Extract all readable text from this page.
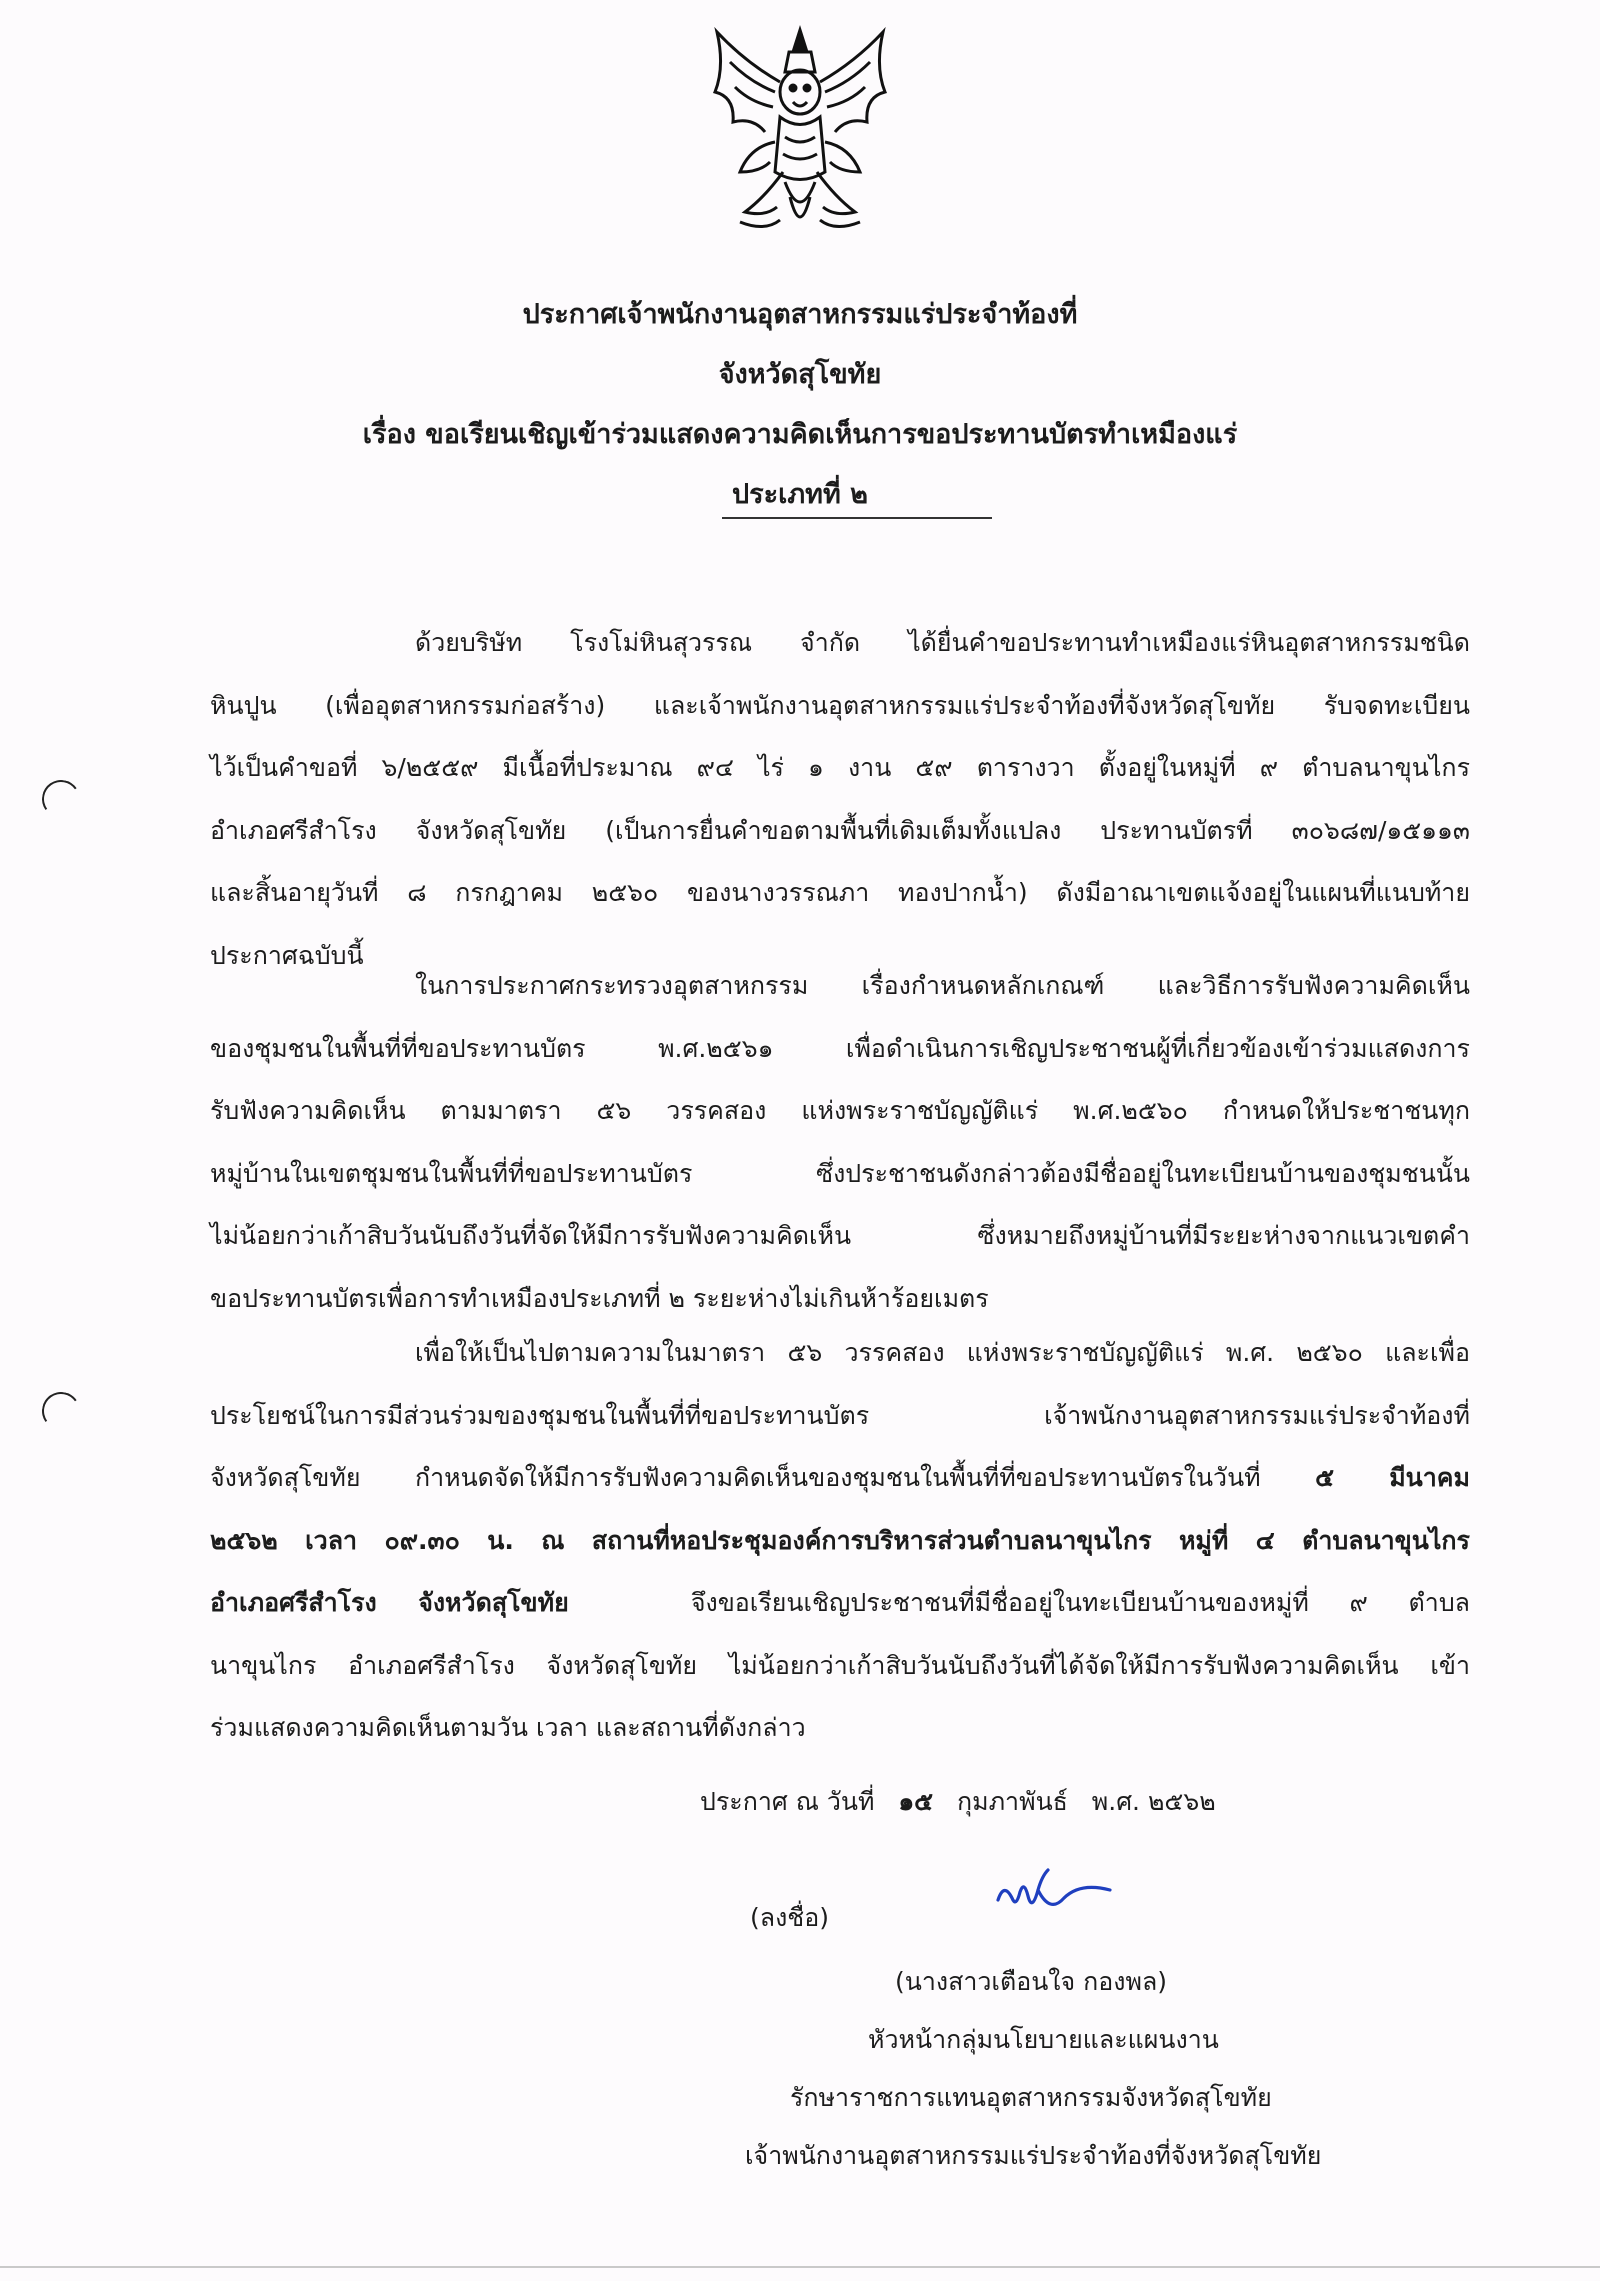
ประกาศเจ้าพนักงานอุตสาหกรรมแร่ประจำท้องที่
จังหวัดสุโขทัย
เรื่อง ขอเรียนเชิญเข้าร่วมแสดงความคิดเห็นการขอประทานบัตรทำเหมืองแร่
ประเภทที่ ๒
ด้วยบริษัท โรงโม่หินสุวรรณ จำกัด ได้ยื่นคำขอประทานทำเหมืองแร่หินอุตสาหกรรมชนิด
หินปูน (เพื่ออุตสาหกรรมก่อสร้าง) และเจ้าพนักงานอุตสาหกรรมแร่ประจำท้องที่จังหวัดสุโขทัย รับจดทะเบียน
ไว้เป็นคำขอที่ ๖/๒๕๕๙ มีเนื้อที่ประมาณ ๙๔ ไร่ ๑ งาน ๕๙ ตารางวา ตั้งอยู่ในหมู่ที่ ๙ ตำบลนาขุนไกร
อำเภอศรีสำโรง จังหวัดสุโขทัย (เป็นการยื่นคำขอตามพื้นที่เดิมเต็มทั้งแปลง ประทานบัตรที่ ๓๐๖๘๗/๑๕๑๑๓
และสิ้นอายุวันที่ ๘ กรกฎาคม ๒๕๖๐ ของนางวรรณภา ทองปากน้ำ) ดังมีอาณาเขตแจ้งอยู่ในแผนที่แนบท้าย
ประกาศฉบับนี้
ในการประกาศกระทรวงอุตสาหกรรม เรื่องกำหนดหลักเกณฑ์ และวิธีการรับฟังความคิดเห็น
ของชุมชนในพื้นที่ที่ขอประทานบัตร พ.ศ.๒๕๖๑ เพื่อดำเนินการเชิญประชาชนผู้ที่เกี่ยวข้องเข้าร่วมแสดงการ
รับฟังความคิดเห็น ตามมาตรา ๕๖ วรรคสอง แห่งพระราชบัญญัติแร่ พ.ศ.๒๕๖๐ กำหนดให้ประชาชนทุก
หมู่บ้านในเขตชุมชนในพื้นที่ที่ขอประทานบัตร ซึ่งประชาชนดังกล่าวต้องมีชื่ออยู่ในทะเบียนบ้านของชุมชนนั้น
ไม่น้อยกว่าเก้าสิบวันนับถึงวันที่จัดให้มีการรับฟังความคิดเห็น ซึ่งหมายถึงหมู่บ้านที่มีระยะห่างจากแนวเขตคำ
ขอประทานบัตรเพื่อการทำเหมืองประเภทที่ ๒ ระยะห่างไม่เกินห้าร้อยเมตร
เพื่อให้เป็นไปตามความในมาตรา ๕๖ วรรคสอง แห่งพระราชบัญญัติแร่ พ.ศ. ๒๕๖๐ และเพื่อ
ประโยชน์ในการมีส่วนร่วมของชุมชนในพื้นที่ที่ขอประทานบัตร เจ้าพนักงานอุตสาหกรรมแร่ประจำท้องที่
จังหวัดสุโขทัย กำหนดจัดให้มีการรับฟังความคิดเห็นของชุมชนในพื้นที่ที่ขอประทานบัตรในวันที่ ๕ มีนาคม
๒๕๖๒ เวลา ๐๙.๓๐ น. ณ สถานที่หอประชุมองค์การบริหารส่วนตำบลนาขุนไกร หมู่ที่ ๔ ตำบลนาขุนไกร
อำเภอศรีสำโรง จังหวัดสุโขทัย	จึงขอเรียนเชิญประชาชนที่มีชื่ออยู่ในทะเบียนบ้านของหมู่ที่ ๙ ตำบล
นาขุนไกร อำเภอศรีสำโรง จังหวัดสุโขทัย ไม่น้อยกว่าเก้าสิบวันนับถึงวันที่ได้จัดให้มีการรับฟังความคิดเห็น เข้า
ร่วมแสดงความคิดเห็นตามวัน เวลา และสถานที่ดังกล่าว
ประกาศ ณ วันที่ ๑๕ กุมภาพันธ์ พ.ศ. ๒๕๖๒
(ลงชื่อ)
(นางสาวเตือนใจ กองพล)
หัวหน้ากลุ่มนโยบายและแผนงาน
รักษาราชการแทนอุตสาหกรรมจังหวัดสุโขทัย
เจ้าพนักงานอุตสาหกรรมแร่ประจำท้องที่จังหวัดสุโขทัย
